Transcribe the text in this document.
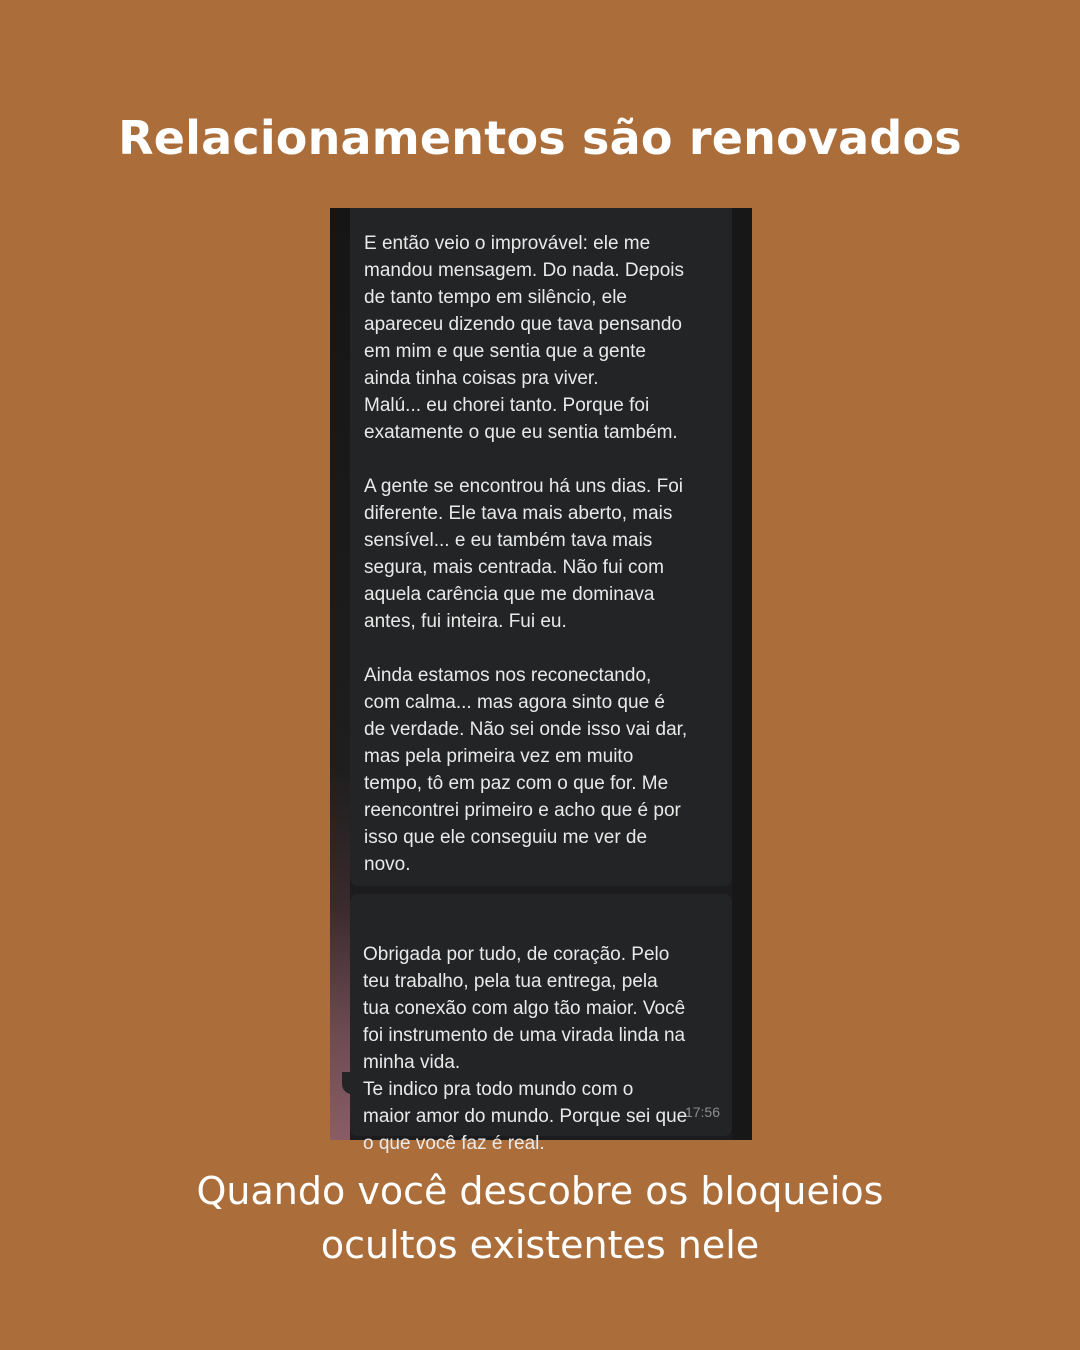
Relacionamentos são renovados
E então veio o improvável: ele me
mandou mensagem. Do nada. Depois
de tanto tempo em silêncio, ele
apareceu dizendo que tava pensando
em mim e que sentia que a gente
ainda tinha coisas pra viver.
Malú... eu chorei tanto. Porque foi
exatamente o que eu sentia também.

A gente se encontrou há uns dias. Foi
diferente. Ele tava mais aberto, mais
sensível... e eu também tava mais
segura, mais centrada. Não fui com
aquela carência que me dominava
antes, fui inteira. Fui eu.

Ainda estamos nos reconectando,
com calma... mas agora sinto que é
de verdade. Não sei onde isso vai dar,
mas pela primeira vez em muito
tempo, tô em paz com o que for. Me
reencontrei primeiro e acho que é por
isso que ele conseguiu me ver de
novo.

Obrigada por tudo, de coração. Pelo
teu trabalho, pela tua entrega, pela
tua conexão com algo tão maior. Você
foi instrumento de uma virada linda na
minha vida.
Te indico pra todo mundo com o
maior amor do mundo. Porque sei que
o que você faz é real.

17:56

Quando você descobre os bloqueios
ocultos existentes nele
